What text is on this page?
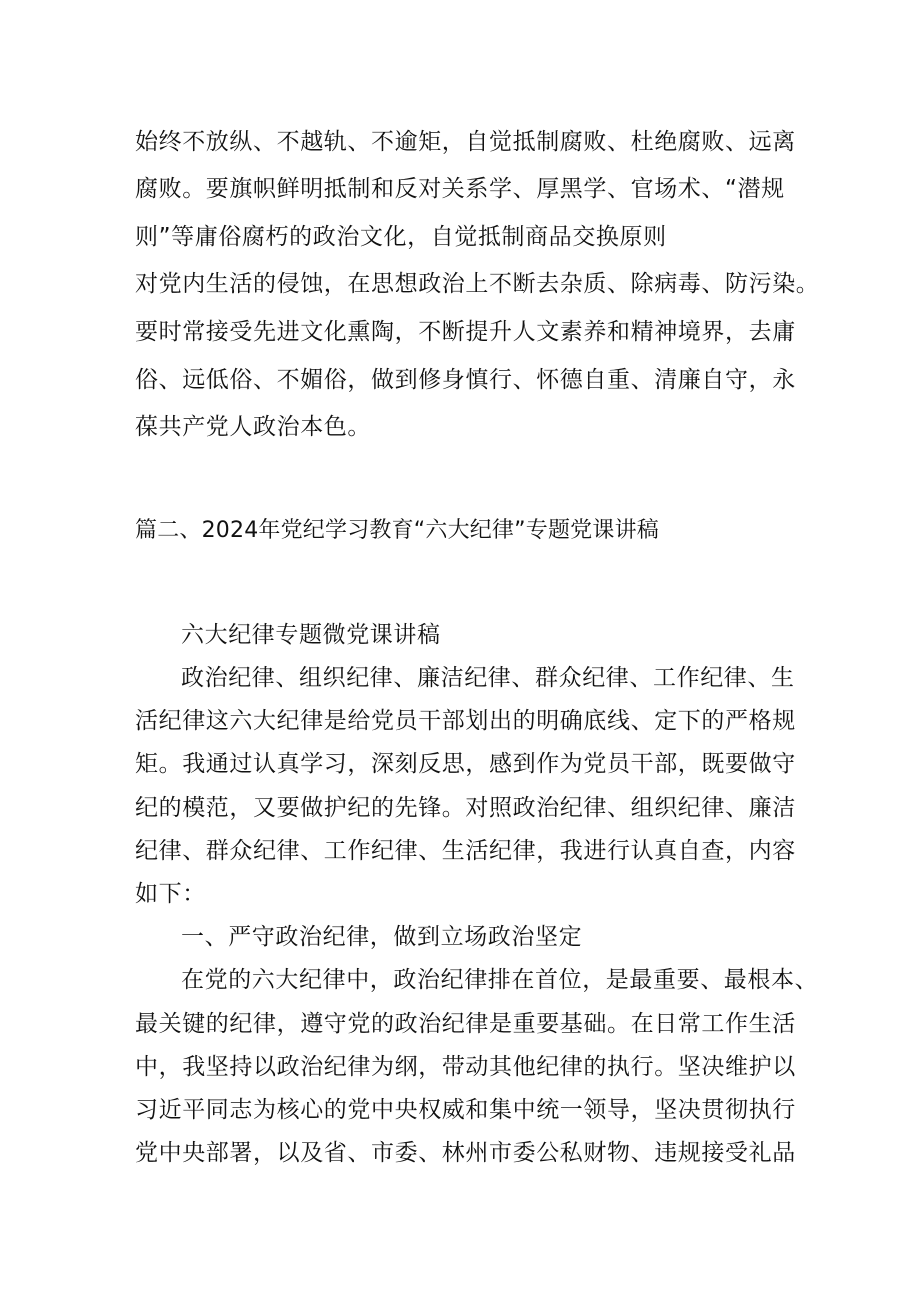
始终不放纵、不越轨、不逾矩，自觉抵制腐败、杜绝腐败、远离
腐败。要旗帜鲜明抵制和反对关系学、厚黑学、官场术、“潜规
则”等庸俗腐朽的政治文化，自觉抵制商品交换原则
对党内生活的侵蚀，在思想政治上不断去杂质、除病毒、防污染。
要时常接受先进文化熏陶，不断提升人文素养和精神境界，去庸
俗、远低俗、不媚俗，做到修身慎行、怀德自重、清廉自守，永
葆共产党人政治本色。
篇二、2024年党纪学习教育“六大纪律”专题党课讲稿
六大纪律专题微党课讲稿
政治纪律、组织纪律、廉洁纪律、群众纪律、工作纪律、生
活纪律这六大纪律是给党员干部划出的明确底线、定下的严格规
矩。我通过认真学习，深刻反思，感到作为党员干部，既要做守
纪的模范，又要做护纪的先锋。对照政治纪律、组织纪律、廉洁
纪律、群众纪律、工作纪律、生活纪律，我进行认真自查，内容
如下：
一、严守政治纪律，做到立场政治坚定
在党的六大纪律中，政治纪律排在首位，是最重要、最根本、
最关键的纪律，遵守党的政治纪律是重要基础。在日常工作生活
中，我坚持以政治纪律为纲，带动其他纪律的执行。坚决维护以
习近平同志为核心的党中央权威和集中统一领导，坚决贯彻执行
党中央部署，以及省、市委、林州市委公私财物、违规接受礼品
